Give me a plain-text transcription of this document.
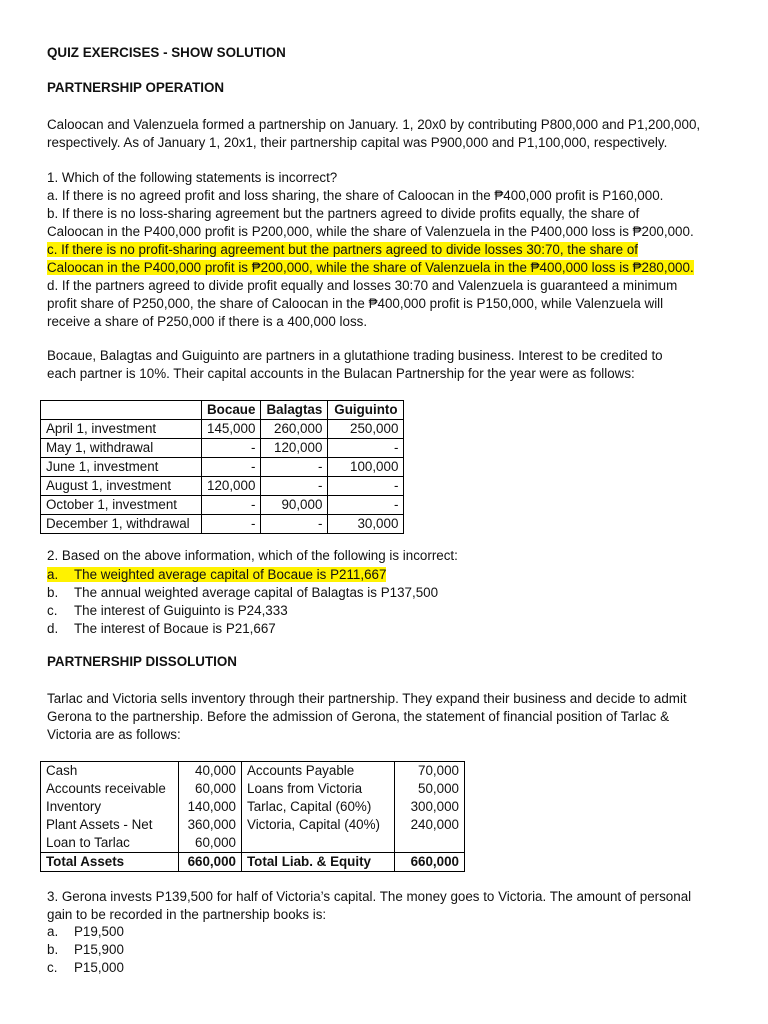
QUIZ EXERCISES - SHOW SOLUTION
PARTNERSHIP OPERATION
Caloocan and Valenzuela formed a partnership on January. 1, 20x0 by contributing P800,000 and P1,200,000,
respectively. As of January 1, 20x1, their partnership capital was P900,000 and P1,100,000, respectively.
1. Which of the following statements is incorrect?
a. If there is no agreed profit and loss sharing, the share of Caloocan in the ₱400,000 profit is P160,000.
b. If there is no loss-sharing agreement but the partners agreed to divide profits equally, the share of
Caloocan in the P400,000 profit is P200,000, while the share of Valenzuela in the P400,000 loss is ₱200,000.
c. If there is no profit-sharing agreement but the partners agreed to divide losses 30:70, the share of
Caloocan in the P400,000 profit is ₱200,000, while the share of Valenzuela in the ₱400,000 loss is ₱280,000.
d. If the partners agreed to divide profit equally and losses 30:70 and Valenzuela is guaranteed a minimum
profit share of P250,000, the share of Caloocan in the ₱400,000 profit is P150,000, while Valenzuela will
receive a share of P250,000 if there is a 400,000 loss.
Bocaue, Balagtas and Guiguinto are partners in a glutathione trading business. Interest to be credited to
each partner is 10%. Their capital accounts in the Bulacan Partnership for the year were as follows:
	Bocaue	Balagtas	Guiguinto
April 1, investment	145,000	260,000	250,000
May 1, withdrawal	-	120,000	-
June 1, investment	-	-	100,000
August 1, investment	120,000	-	-
October 1, investment	-	90,000	-
December 1, withdrawal	-	-	30,000
2. Based on the above information, which of the following is incorrect:
a. The weighted average capital of Bocaue is P211,667
b. The annual weighted average capital of Balagtas is P137,500
c. The interest of Guiguinto is P24,333
d. The interest of Bocaue is P21,667
PARTNERSHIP DISSOLUTION
Tarlac and Victoria sells inventory through their partnership. They expand their business and decide to admit
Gerona to the partnership. Before the admission of Gerona, the statement of financial position of Tarlac &
Victoria are as follows:
Cash	40,000	Accounts Payable	70,000
Accounts receivable	60,000	Loans from Victoria	50,000
Inventory	140,000	Tarlac, Capital (60%)	300,000
Plant Assets - Net	360,000	Victoria, Capital (40%)	240,000
Loan to Tarlac	60,000		
Total Assets	660,000	Total Liab. & Equity	660,000
3. Gerona invests P139,500 for half of Victoria’s capital. The money goes to Victoria. The amount of personal
gain to be recorded in the partnership books is:
a. P19,500
b. P15,900
c. P15,000
